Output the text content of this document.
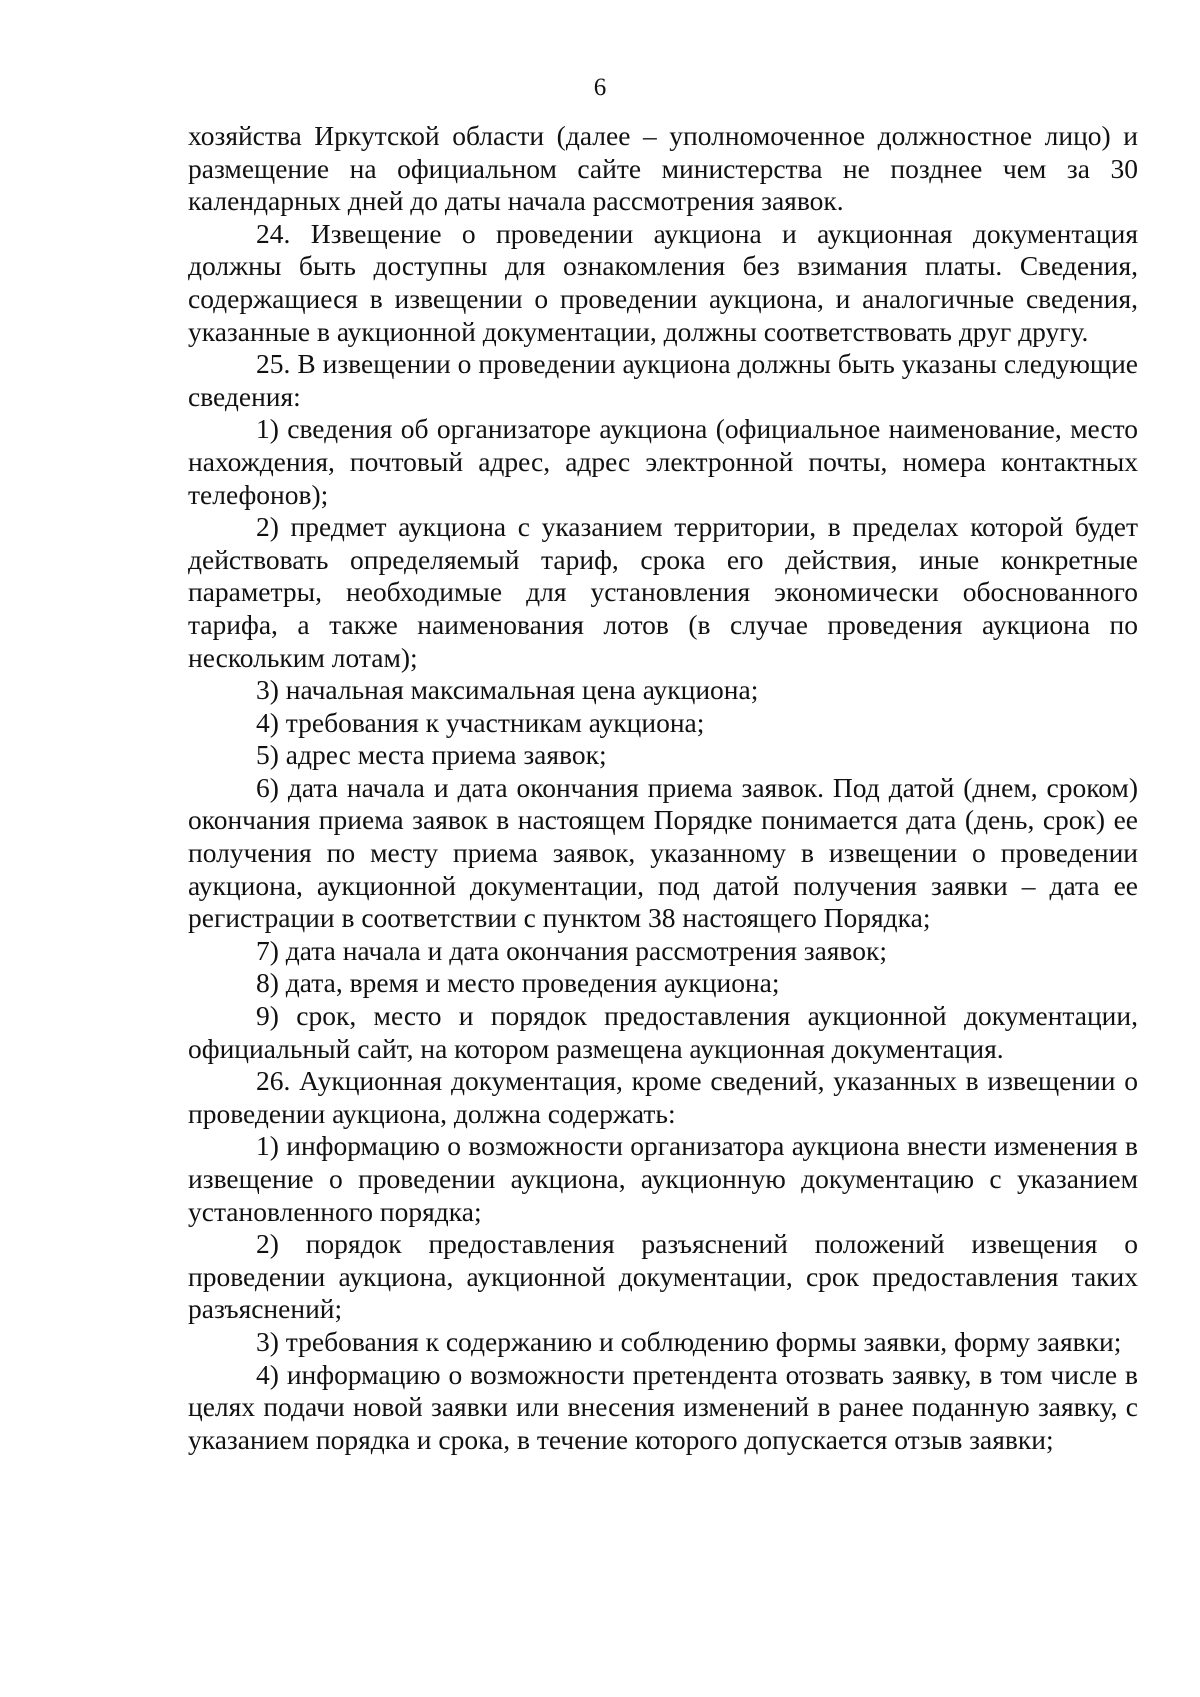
6

хозяйства Иркутской области (далее – уполномоченное должностное лицо) и размещение на официальном сайте министерства не позднее чем за 30 календарных дней до даты начала рассмотрения заявок.

24. Извещение о проведении аукциона и аукционная документация должны быть доступны для ознакомления без взимания платы. Сведения, содержащиеся в извещении о проведении аукциона, и аналогичные сведения, указанные в аукционной документации, должны соответствовать друг другу.

25. В извещении о проведении аукциона должны быть указаны следующие сведения:

1) сведения об организаторе аукциона (официальное наименование, место нахождения, почтовый адрес, адрес электронной почты, номера контактных телефонов);

2) предмет аукциона с указанием территории, в пределах которой будет действовать определяемый тариф, срока его действия, иные конкретные параметры, необходимые для установления экономически обоснованного тарифа, а также наименования лотов (в случае проведения аукциона по нескольким лотам);

3) начальная максимальная цена аукциона;

4) требования к участникам аукциона;

5) адрес места приема заявок;

6) дата начала и дата окончания приема заявок. Под датой (днем, сроком) окончания приема заявок в настоящем Порядке понимается дата (день, срок) ее получения по месту приема заявок, указанному в извещении о проведении аукциона, аукционной документации, под датой получения заявки – дата ее регистрации в соответствии с пунктом 38 настоящего Порядка;

7) дата начала и дата окончания рассмотрения заявок;

8) дата, время и место проведения аукциона;

9) срок, место и порядок предоставления аукционной документации, официальный сайт, на котором размещена аукционная документация.

26. Аукционная документация, кроме сведений, указанных в извещении о проведении аукциона, должна содержать:

1) информацию о возможности организатора аукциона внести изменения в извещение о проведении аукциона, аукционную документацию с указанием установленного порядка;

2) порядок предоставления разъяснений положений извещения о проведении аукциона, аукционной документации, срок предоставления таких разъяснений;

3) требования к содержанию и соблюдению формы заявки, форму заявки;

4) информацию о возможности претендента отозвать заявку, в том числе в целях подачи новой заявки или внесения изменений в ранее поданную заявку, с указанием порядка и срока, в течение которого допускается отзыв заявки;
